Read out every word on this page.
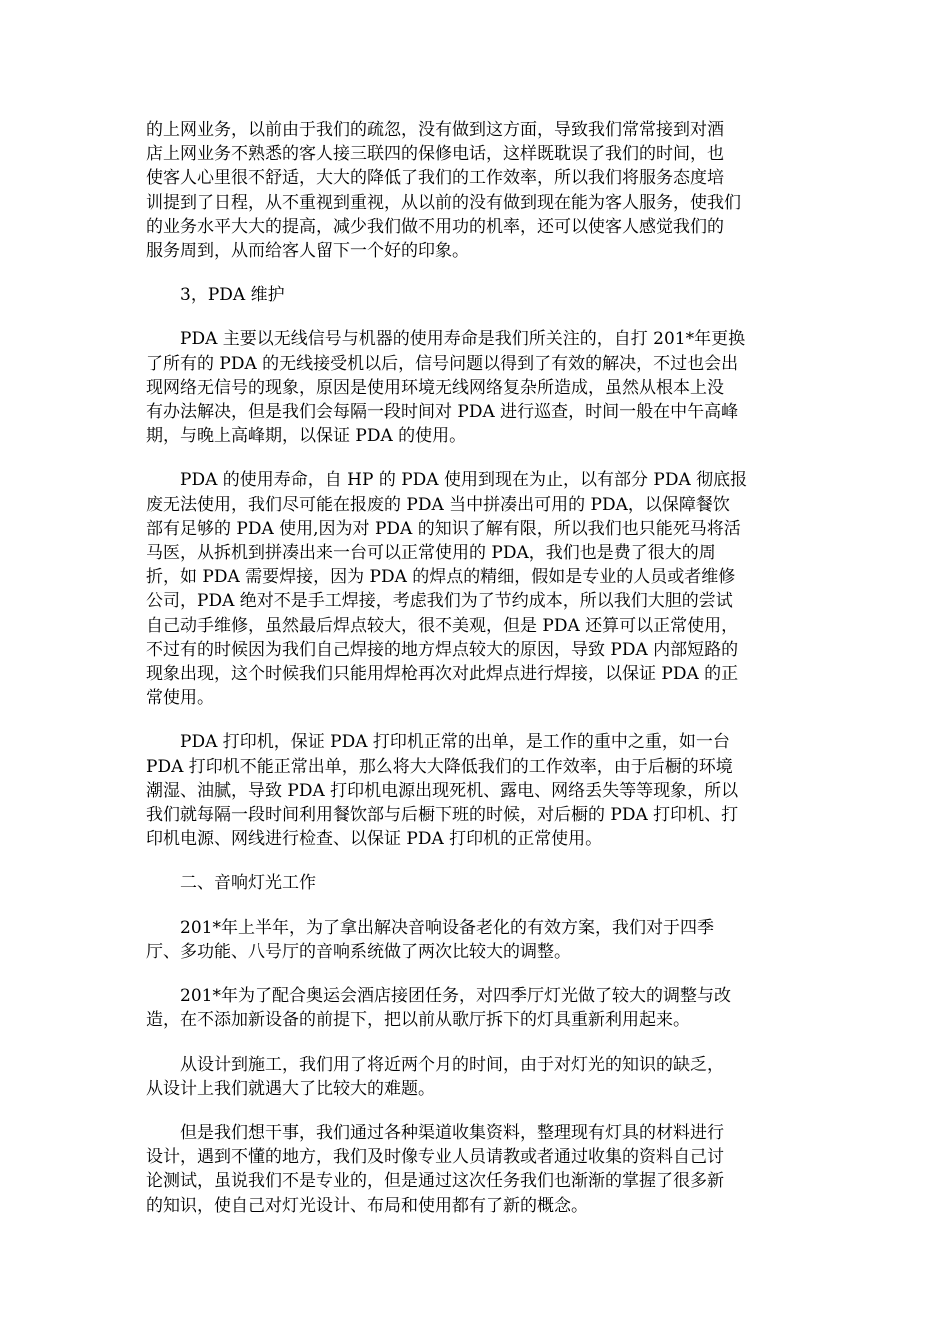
的上网业务，以前由于我们的疏忽，没有做到这方面，导致我们常常接到对酒
店上网业务不熟悉的客人接三联四的保修电话，这样既耽误了我们的时间，也
使客人心里很不舒适，大大的降低了我们的工作效率，所以我们将服务态度培
训提到了日程，从不重视到重视，从以前的没有做到现在能为客人服务，使我们
的业务水平大大的提高，减少我们做不用功的机率，还可以使客人感觉我们的
服务周到，从而给客人留下一个好的印象。

3，PDA 维护

PDA 主要以无线信号与机器的使用寿命是我们所关注的，自打 201*年更换
了所有的 PDA 的无线接受机以后，信号问题以得到了有效的解决，不过也会出
现网络无信号的现象，原因是使用环境无线网络复杂所造成，虽然从根本上没
有办法解决，但是我们会每隔一段时间对 PDA 进行巡查，时间一般在中午高峰
期，与晚上高峰期，以保证 PDA 的使用。

PDA 的使用寿命，自 HP 的 PDA 使用到现在为止，以有部分 PDA 彻底报
废无法使用，我们尽可能在报废的 PDA 当中拼凑出可用的 PDA，以保障餐饮
部有足够的 PDA 使用,因为对 PDA 的知识了解有限，所以我们也只能死马将活
马医，从拆机到拼凑出来一台可以正常使用的 PDA，我们也是费了很大的周
折，如 PDA 需要焊接，因为 PDA 的焊点的精细，假如是专业的人员或者维修
公司，PDA 绝对不是手工焊接，考虑我们为了节约成本，所以我们大胆的尝试
自己动手维修，虽然最后焊点较大，很不美观，但是 PDA 还算可以正常使用，
不过有的时候因为我们自己焊接的地方焊点较大的原因，导致 PDA 内部短路的
现象出现，这个时候我们只能用焊枪再次对此焊点进行焊接，以保证 PDA 的正
常使用。

PDA 打印机，保证 PDA 打印机正常的出单，是工作的重中之重，如一台
PDA 打印机不能正常出单，那么将大大降低我们的工作效率，由于后橱的环境
潮湿、油腻，导致 PDA 打印机电源出现死机、露电、网络丢失等等现象，所以
我们就每隔一段时间利用餐饮部与后橱下班的时候，对后橱的 PDA 打印机、打
印机电源、网线进行检查、以保证 PDA 打印机的正常使用。

二、音响灯光工作

201*年上半年，为了拿出解决音响设备老化的有效方案，我们对于四季
厅、多功能、八号厅的音响系统做了两次比较大的调整。

201*年为了配合奥运会酒店接团任务，对四季厅灯光做了较大的调整与改
造，在不添加新设备的前提下，把以前从歌厅拆下的灯具重新利用起来。

从设计到施工，我们用了将近两个月的时间，由于对灯光的知识的缺乏，
从设计上我们就遇大了比较大的难题。

但是我们想干事，我们通过各种渠道收集资料，整理现有灯具的材料进行
设计，遇到不懂的地方，我们及时像专业人员请教或者通过收集的资料自己讨
论测试，虽说我们不是专业的，但是通过这次任务我们也渐渐的掌握了很多新
的知识，使自己对灯光设计、布局和使用都有了新的概念。
